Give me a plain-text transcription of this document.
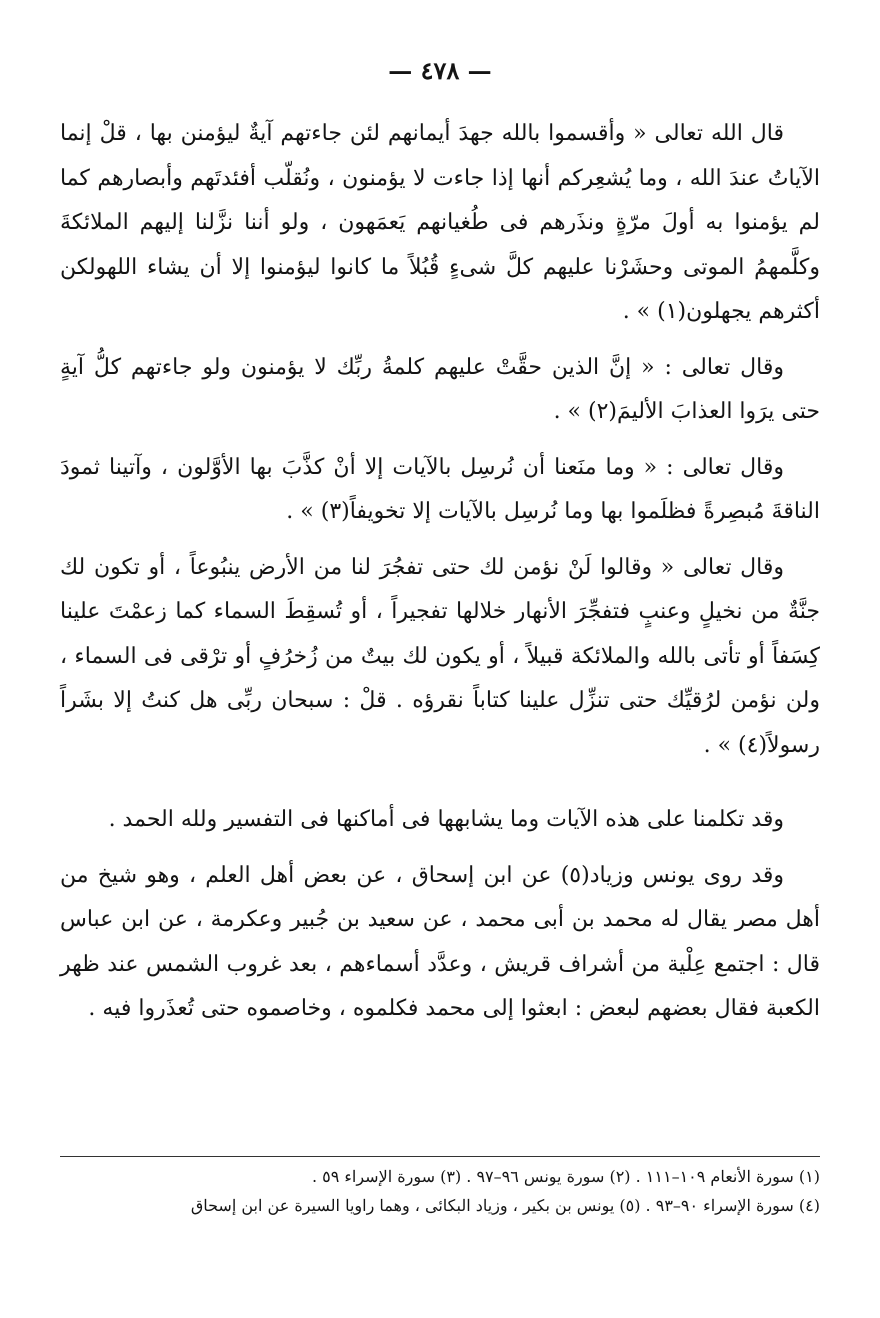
— ٤٧٨ —

قال الله تعالى « وأقسموا بالله جهدَ أيمانهم لئن جاءتهم آيةٌ ليؤمنن بها ، قلْ إنما الآياتُ عندَ الله ، وما يُشعِركم أنها إذا جاءت لا يؤمنون ، ونُقلّب أفئدتَهم وأبصارهم كما لم يؤمنوا به أولَ مرّةٍ ونذَرهم فى طُغيانهم يَعمَهون ، ولو أننا نزَّلنا إليهم الملائكةَ وكلَّمهمُ الموتى وحشَرْنا عليهم كلَّ شىءٍ قُبُلاً ما كانوا ليؤمنوا إلا أن يشاء اللهولكن أكثرهم يجهلون(١) » .

وقال تعالى : « إنَّ الذين حقَّتْ عليهم كلمةُ ربِّك لا يؤمنون ولو جاءتهم كلُّ آيةٍ حتى يرَوا العذابَ الأليمَ(٢) » .

وقال تعالى : « وما منَعنا أن نُرسِل بالآيات إلا أنْ كذَّبَ بها الأوَّلون ، وآتينا ثمودَ الناقةَ مُبصِرةً فظلَموا بها وما نُرسِل بالآيات إلا تخويفاً(٣) » .

وقال تعالى « وقالوا لَنْ نؤمن لك حتى تفجُرَ لنا من الأرض ينبُوعاً ، أو تكون لك جنَّةٌ من نخيلٍ وعنبٍ فتفجِّرَ الأنهار خلالها تفجيراً ، أو تُسقِطَ السماء كما زعمْتَ علينا كِسَفاً أو تأتى بالله والملائكة قبيلاً ، أو يكون لك بيتٌ من زُخرُفٍ أو ترْقى فى السماء ، ولن نؤمن لرُقيِّك حتى تنزِّل علينا كتاباً نقرؤه . قلْ : سبحان ربِّى هل كنتُ إلا بشَراً رسولاً(٤) » .

وقد تكلمنا على هذه الآيات وما يشابهها فى أماكنها فى التفسير ولله الحمد .

وقد روى يونس وزياد(٥) عن ابن إسحاق ، عن بعض أهل العلم ، وهو شيخ من أهل مصر يقال له محمد بن أبى محمد ، عن سعيد بن جُبير وعكرمة ، عن ابن عباس قال : اجتمع عِلْية من أشراف قريش ، وعدَّد أسماءهم ، بعد غروب الشمس عند ظهر الكعبة فقال بعضهم لبعض : ابعثوا إلى محمد فكلموه ، وخاصموه حتى تُعذَروا فيه .

(١) سورة الأنعام ١٠٩–١١١ . (٢) سورة يونس ٩٦–٩٧ . (٣) سورة الإسراء ٥٩ .
(٤) سورة الإسراء ٩٠–٩٣ . (٥) يونس بن بكير ، وزياد البكائى ، وهما راويا السيرة عن ابن إسحاق
